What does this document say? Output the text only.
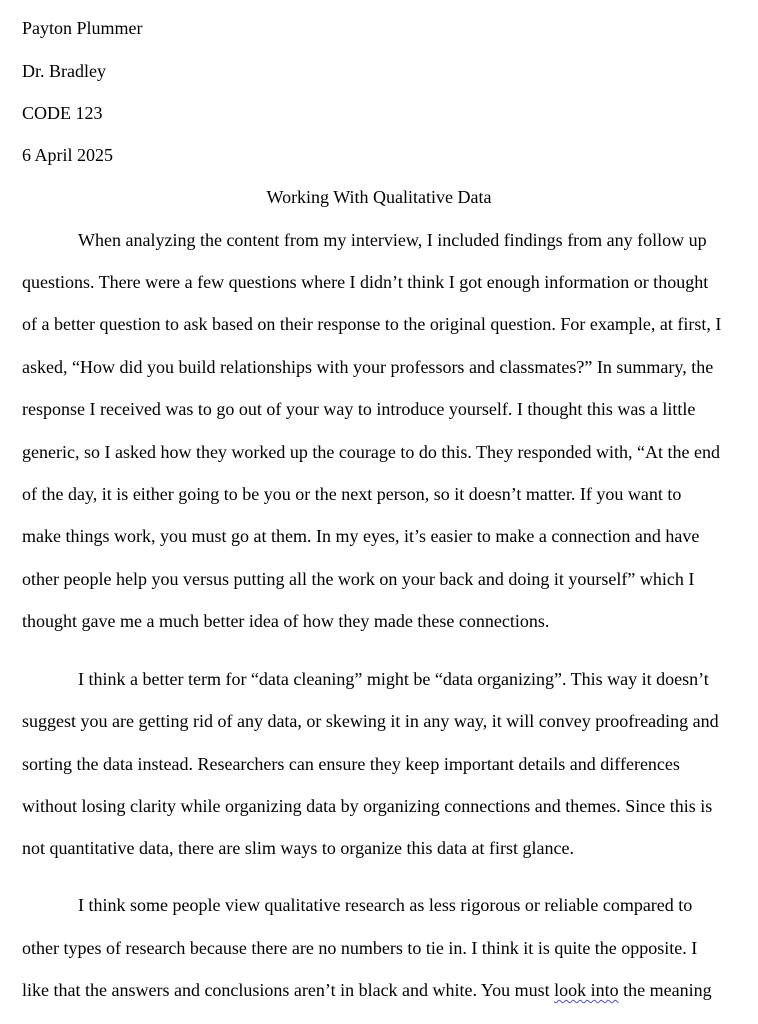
Payton Plummer
Dr. Bradley
CODE 123
6 April 2025
Working With Qualitative Data
When analyzing the content from my interview, I included findings from any follow up
questions. There were a few questions where I didn’t think I got enough information or thought
of a better question to ask based on their response to the original question. For example, at first, I
asked, “How did you build relationships with your professors and classmates?” In summary, the
response I received was to go out of your way to introduce yourself. I thought this was a little
generic, so I asked how they worked up the courage to do this. They responded with, “At the end
of the day, it is either going to be you or the next person, so it doesn’t matter. If you want to
make things work, you must go at them. In my eyes, it’s easier to make a connection and have
other people help you versus putting all the work on your back and doing it yourself” which I
thought gave me a much better idea of how they made these connections.
I think a better term for “data cleaning” might be “data organizing”. This way it doesn’t
suggest you are getting rid of any data, or skewing it in any way, it will convey proofreading and
sorting the data instead. Researchers can ensure they keep important details and differences
without losing clarity while organizing data by organizing connections and themes. Since this is
not quantitative data, there are slim ways to organize this data at first glance.
I think some people view qualitative research as less rigorous or reliable compared to
other types of research because there are no numbers to tie in. I think it is quite the opposite. I
like that the answers and conclusions aren’t in black and white. You must look into the meaning
